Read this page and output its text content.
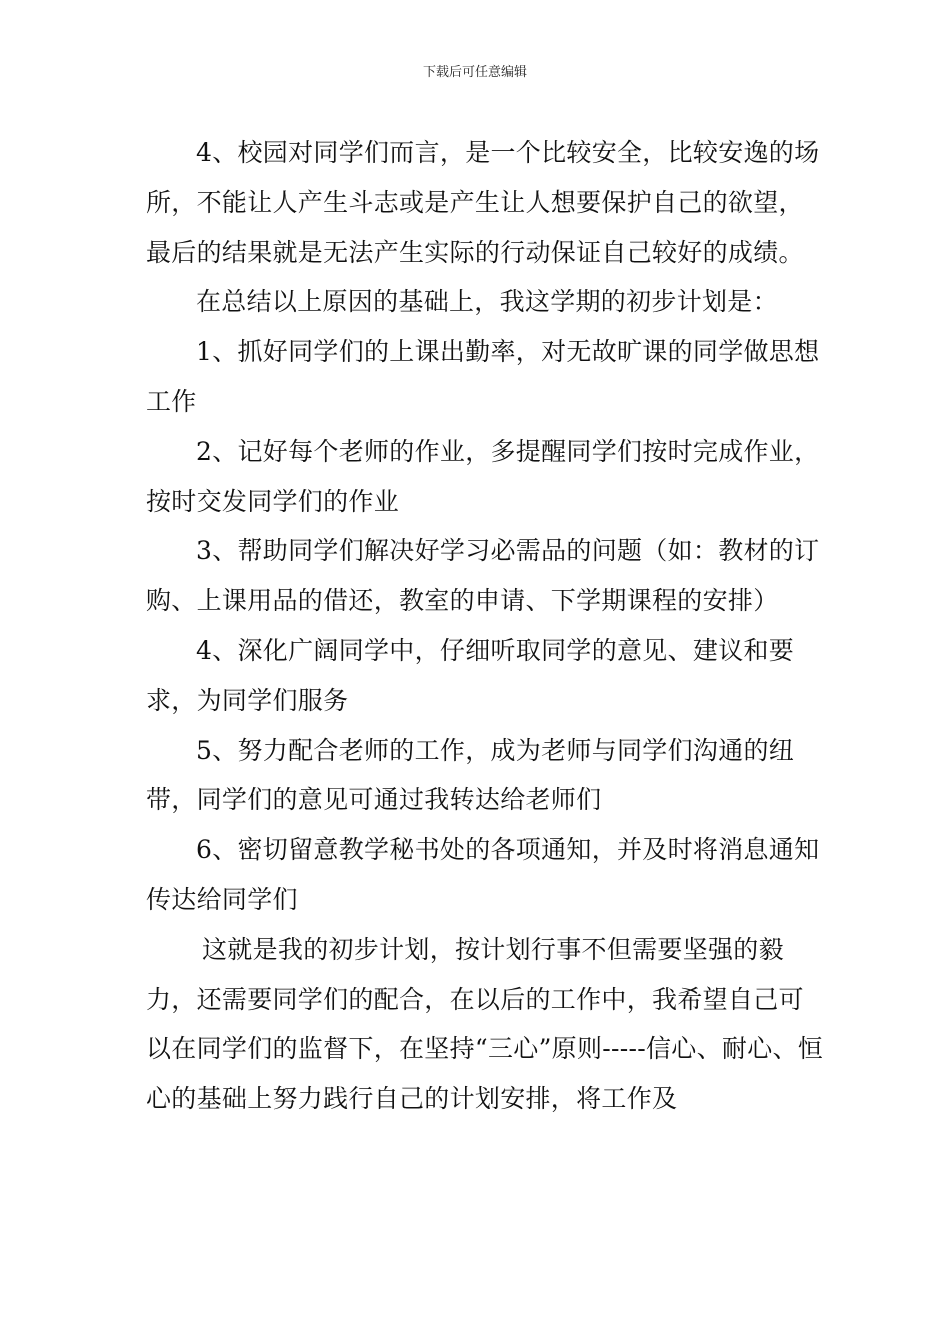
下载后可任意编辑

4、校园对同学们而言，是一个比较安全，比较安逸的场所，不能让人产生斗志或是产生让人想要保护自己的欲望，最后的结果就是无法产生实际的行动保证自己较好的成绩。

在总结以上原因的基础上，我这学期的初步计划是：

1、抓好同学们的上课出勤率，对无故旷课的同学做思想工作

2、记好每个老师的作业，多提醒同学们按时完成作业，按时交发同学们的作业

3、帮助同学们解决好学习必需品的问题（如：教材的订购、上课用品的借还，教室的申请、下学期课程的安排）

4、深化广阔同学中，仔细听取同学的意见、建议和要求，为同学们服务

5、努力配合老师的工作，成为老师与同学们沟通的纽带，同学们的意见可通过我转达给老师们

6、密切留意教学秘书处的各项通知，并及时将消息通知传达给同学们

这就是我的初步计划，按计划行事不但需要坚强的毅力，还需要同学们的配合，在以后的工作中，我希望自己可以在同学们的监督下，在坚持“三心”原则-----信心、耐心、恒心的基础上努力践行自己的计划安排，将工作及
